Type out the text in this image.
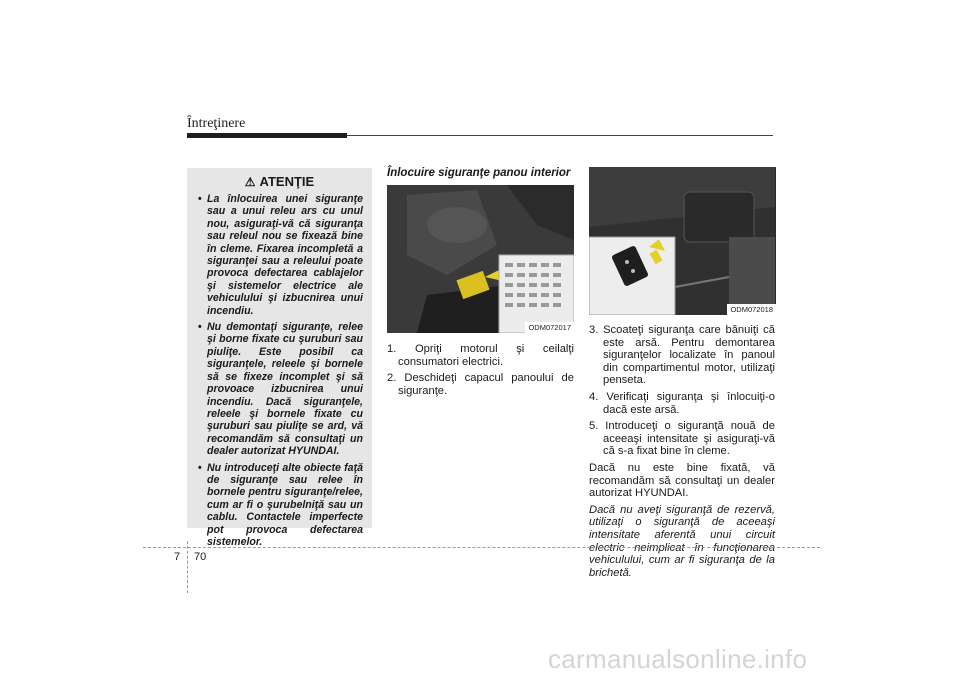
Întreţinere
⚠ ATENŢIE
• La înlocuirea unei siguranţe sau a unui releu ars cu unul nou, asiguraţi-vă că siguranţa sau releul nou se fixează bine în cleme. Fixarea incompletă a siguranţei sau a releului poate provoca defectarea cablajelor şi sistemelor electrice ale vehiculului şi izbucnirea unui incendiu.
• Nu demontaţi siguranţe, relee şi borne fixate cu şuruburi sau piuliţe. Este posibil ca siguranţele, releele şi bornele să se fixeze incomplet şi să provoace izbucnirea unui incendiu. Dacă siguranţele, releele şi bornele fixate cu şuruburi sau piuliţe se ard, vă recomandăm să consultaţi un dealer autorizat HYUNDAI.
• Nu introduceţi alte obiecte faţă de siguranţe sau relee în bornele pentru siguranţe/relee, cum ar fi o şurubelniţă sau un cablu. Contactele imperfecte pot provoca defectarea sistemelor.
Înlocuire siguranţe panou interior
ODM072017
1. Opriţi motorul şi ceilalţi consumatori electrici.
2. Deschideţi capacul panoului de siguranţe.
ODM072018
3. Scoateţi siguranţa care bănuiţi că este arsă. Pentru demontarea siguranţelor localizate în panoul din compartimentul motor, utilizaţi penseta.
4. Verificaţi siguranţa şi înlocuiţi-o dacă este arsă.
5. Introduceţi o siguranţă nouă de aceeaşi intensitate şi asiguraţi-vă că s-a fixat bine în cleme.

Dacă nu este bine fixată, vă recomandăm să consultaţi un dealer autorizat HYUNDAI.

Dacă nu aveţi siguranţă de rezervă, utilizaţi o siguranţă de aceeaşi intensitate aferentă unui circuit electric neimplicat în funcţionarea vehiculului, cum ar fi siguranţa de la brichetă.

7 70
carmanualsonline.info
